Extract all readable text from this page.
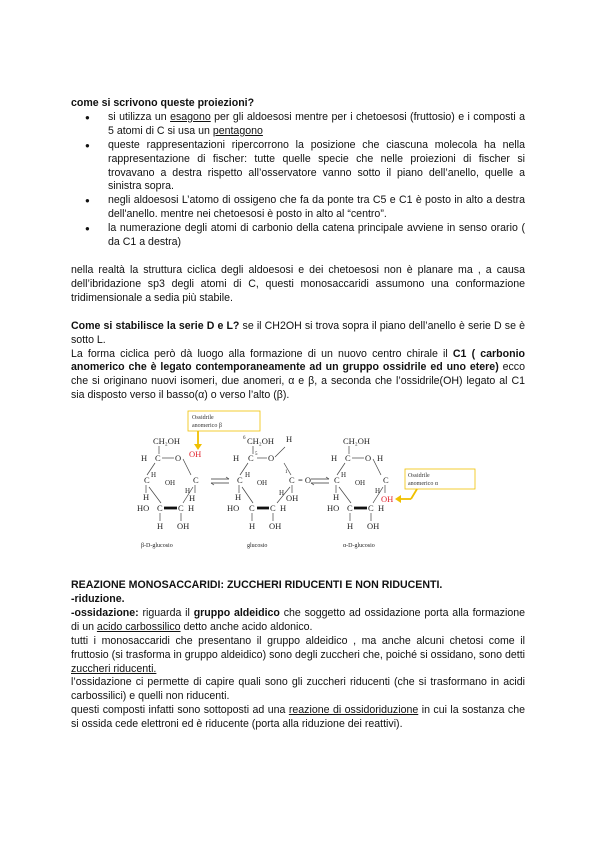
come si scrivono queste proiezioni?

● si utilizza un esagono per gli aldoesosi mentre per i chetoesosi (fruttosio) e i composti a 5 atomi di C si usa un pentagono
● queste rappresentazioni ripercorrono la posizione che ciascuna molecola ha nella rappresentazione di fischer: tutte quelle specie che nelle proiezioni di fischer si trovavano a destra rispetto all’osservatore vanno sotto il piano dell’anello, quelle a sinistra sopra.
● negli aldoesosi L’atomo di ossigeno che fa da ponte tra C5 e C1 è posto in alto a destra dell'anello. mentre nei chetoesosi è posto in alto al “centro”.
● la numerazione degli atomi di carbonio della catena principale avviene in senso orario ( da C1 a destra)

nella realtà la struttura ciclica degli aldoesosi e dei chetoesosi non è planare ma , a causa dell’ibridazione sp3 degli atomi di C, questi monosaccaridi assumono una conformazione tridimensionale a sedia più stabile.

Come si stabilisce la serie D e L? se il CH2OH si trova sopra il piano dell’anello è serie D se è sotto L.

La forma ciclica però dà luogo alla formazione di un nuovo centro chirale il C1 ( carbonio anomerico che è legato contemporaneamente ad un gruppo ossidrile ed uno etere) ecco che si originano nuovi isomeri, due anomeri, α e β, a seconda che l’ossidrile(OH) legato al C1 sia disposto verso il basso(α) o verso l’alto (β).

Ossidrile
anomerico β
CH₂OH
H C O OH
C H	C
H
OH
H
H
HO C C H
H OH
β-D-glucosio
6 CH₂OH H
H C 5 O
C H	1
C = O
H
OH
H OH
HO C C H
H OH
glucosio
CH₂OH
H C O H
C H	C
H
OH
H
OH
HO C C H
H OH
α-D-glucosio
Ossidrile
anomerico α

REAZIONE MONOSACCARIDI: ZUCCHERI RIDUCENTI E NON RIDUCENTI.

-riduzione.

-ossidazione: riguarda il gruppo aldeidico che soggetto ad ossidazione porta alla formazione di un acido carbossilico detto anche acido aldonico.

tutti i monosaccaridi che presentano il gruppo aldeidico , ma anche alcuni chetosi come il fruttosio (si trasforma in gruppo aldeidico) sono degli zuccheri che, poiché si ossidano, sono detti zuccheri riducenti.

l’ossidazione ci permette di capire quali sono gli zuccheri riducenti (che si trasformano in acidi carbossilici) e quelli non riducenti.

questi composti infatti sono sottoposti ad una reazione di ossidoriduzione in cui la sostanza che si ossida cede elettroni ed è riducente (porta alla riduzione dei reattivi).
